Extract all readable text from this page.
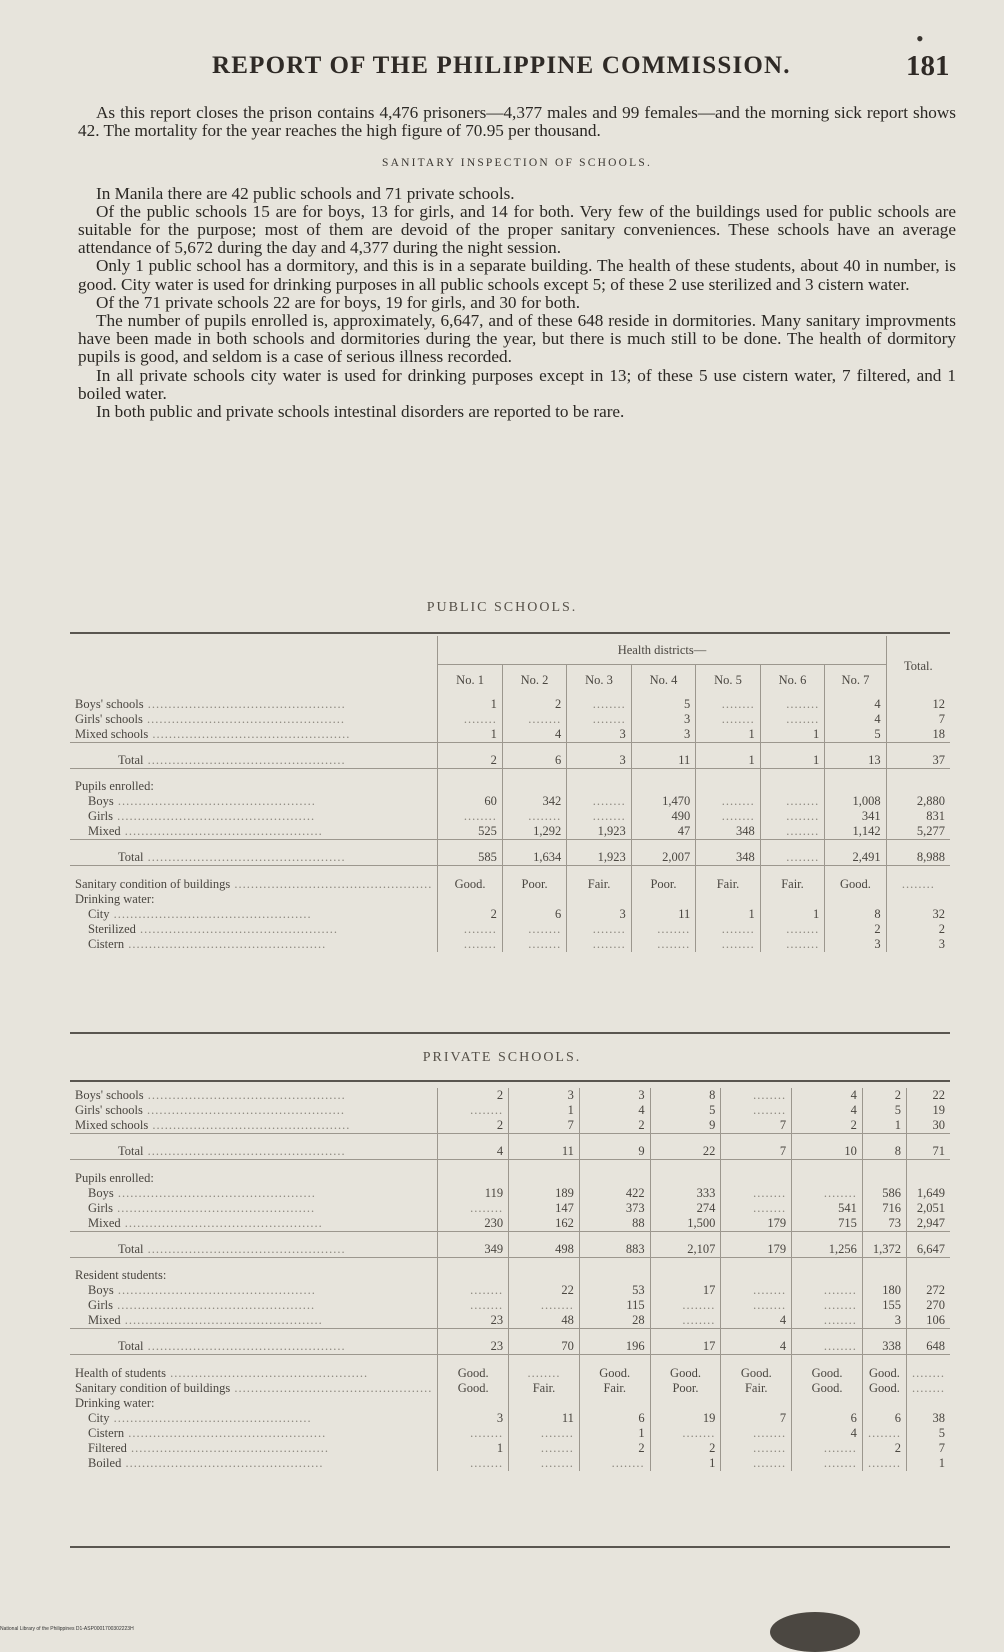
REPORT OF THE PHILIPPINE COMMISSION.
•
181

As this report closes the prison contains 4,476 prisoners—4,377 males and 99 females—and the morning sick report shows 42. The mortality for the year reaches the high figure of 70.95 per thousand.

SANITARY INSPECTION OF SCHOOLS.

In Manila there are 42 public schools and 71 private schools.

Of the public schools 15 are for boys, 13 for girls, and 14 for both. Very few of the buildings used for public schools are suitable for the purpose; most of them are devoid of the proper sanitary conveniences. These schools have an average attendance of 5,672 during the day and 4,377 during the night session.

Only 1 public school has a dormitory, and this is in a separate building. The health of these students, about 40 in number, is good. City water is used for drinking purposes in all public schools except 5; of these 2 use sterilized and 3 cistern water.

Of the 71 private schools 22 are for boys, 19 for girls, and 30 for both.

The number of pupils enrolled is, approximately, 6,647, and of these 648 reside in dormitories. Many sanitary improvments have been made in both schools and dormitories during the year, but there is much still to be done. The health of dormitory pupils is good, and seldom is a case of serious illness recorded.

In all private schools city water is used for drinking purposes except in 13; of these 5 use cistern water, 7 filtered, and 1 boiled water.

In both public and private schools intestinal disorders are reported to be rare.

PUBLIC SCHOOLS.
	Health districts—							Total.
	No. 1	No. 2	No. 3	No. 4	No. 5	No. 6	No. 7	
Boys' schools .....	1	2	........	5	........	........	4	12
Girls' schools .....	........	........	........	3	........	........	4	7
Mixed schools .....	1	4	3	3	1	1	5	18
Total .....	2	6	3	11	1	1	13	37
Pupils enrolled:								
Boys .....	60	342	........	1,470	........	........	1,008	2,880
Girls .....	........	........	........	490	........	........	341	831
Mixed .....	525	1,292	1,923	47	348	........	1,142	5,277
Total .....	585	1,634	1,923	2,007	348	........	2,491	8,988
Sanitary condition of buildings .....	Good.	Poor.	Fair.	Poor.	Fair.	Fair.	Good.	........
Drinking water:								
City .....	2	6	3	11	1	1	8	32
Sterilized .....	........	........	........	........	........	........	2	2
Cistern .....	........	........	........	........	........	........	3	3
PRIVATE SCHOOLS.
Boys' schools .....	2	3	3	8	........	4	2	22
Girls' schools .....	........	1	4	5	........	4	5	19
Mixed schools .....	2	7	2	9	7	2	1	30
Total .....	4	11	9	22	7	10	8	71
Pupils enrolled:								
Boys .....	119	189	422	333	........	........	586	1,649
Girls .....	........	147	373	274	........	541	716	2,051
Mixed .....	230	162	88	1,500	179	715	73	2,947
Total .....	349	498	883	2,107	179	1,256	1,372	6,647
Resident students:								
Boys .....	........	22	53	17	........	........	180	272
Girls .....	........	........	115	........	........	........	155	270
Mixed .....	23	48	28	........	4	........	3	106
Total .....	23	70	196	17	4	........	338	648
Health of students .....	Good.	........	Good.	Good.	Good.	Good.	Good.	........
Sanitary condition of buildings .....	Good.	Fair.	Fair.	Poor.	Fair.	Good.	Good.	........
Drinking water:								
City .....	3	11	6	19	7	6	6	38
Cistern .....	........	........	1	........	........	4	........	5
Filtered .....	1	........	2	2	........	........	2	7
Boiled .....	........	........	........	1	........	........	........	1
National Library of the Philippines D1-ASP0001700302223H
